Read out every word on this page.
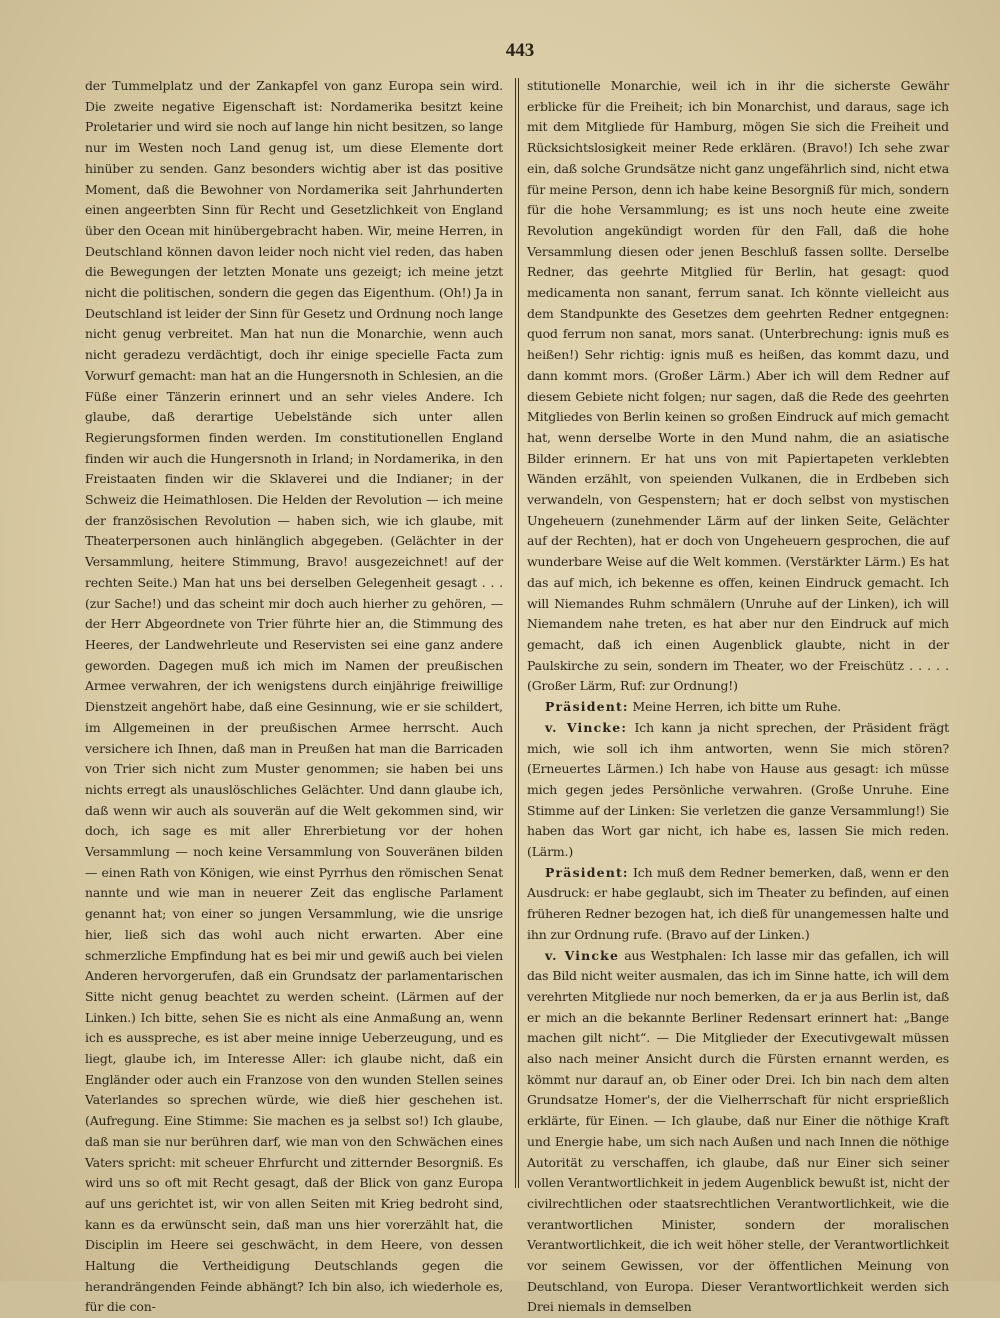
443

der Tummelplatz und der Zankapfel von ganz Europa sein wird. Die zweite negative Eigenschaft ist: Nordamerika besitzt keine Proletarier und wird sie noch auf lange hin nicht besitzen, so lange nur im Westen noch Land genug ist, um diese Elemente dort hinüber zu senden. Ganz besonders wichtig aber ist das positive Moment, daß die Bewohner von Nordamerika seit Jahrhunderten einen angeerbten Sinn für Recht und Gesetzlichkeit von England über den Ocean mit hinübergebracht haben. Wir, meine Herren, in Deutschland können davon leider noch nicht viel reden, das haben die Bewegungen der letzten Monate uns gezeigt; ich meine jetzt nicht die politischen, sondern die gegen das Eigenthum. (Oh!) Ja in Deutschland ist leider der Sinn für Gesetz und Ordnung noch lange nicht genug verbreitet. Man hat nun die Monarchie, wenn auch nicht geradezu verdächtigt, doch ihr einige specielle Facta zum Vorwurf gemacht: man hat an die Hungersnoth in Schlesien, an die Füße einer Tänzerin erinnert und an sehr vieles Andere. Ich glaube, daß derartige Uebelstände sich unter allen Regierungsformen finden werden. Im constitutionellen England finden wir auch die Hungersnoth in Irland; in Nordamerika, in den Freistaaten finden wir die Sklaverei und die Indianer; in der Schweiz die Heimathlosen. Die Helden der Revolution — ich meine der französischen Revolution — haben sich, wie ich glaube, mit Theaterpersonen auch hinlänglich abgegeben. (Gelächter in der Versammlung, heitere Stimmung, Bravo! ausgezeichnet! auf der rechten Seite.) Man hat uns bei derselben Gelegenheit gesagt . . . (zur Sache!) und das scheint mir doch auch hierher zu gehören, — der Herr Abgeordnete von Trier führte hier an, die Stimmung des Heeres, der Landwehrleute und Reservisten sei eine ganz andere geworden. Dagegen muß ich mich im Namen der preußischen Armee verwahren, der ich wenigstens durch einjährige freiwillige Dienstzeit angehört habe, daß eine Gesinnung, wie er sie schildert, im Allgemeinen in der preußischen Armee herrscht. Auch versichere ich Ihnen, daß man in Preußen hat man die Barricaden von Trier sich nicht zum Muster genommen; sie haben bei uns nichts erregt als unauslöschliches Gelächter. Und dann glaube ich, daß wenn wir auch als souverän auf die Welt gekommen sind, wir doch, ich sage es mit aller Ehrerbietung vor der hohen Versammlung — noch keine Versammlung von Souveränen bilden — einen Rath von Königen, wie einst Pyrrhus den römischen Senat nannte und wie man in neuerer Zeit das englische Parlament genannt hat; von einer so jungen Versammlung, wie die unsrige hier, ließ sich das wohl auch nicht erwarten. Aber eine schmerzliche Empfindung hat es bei mir und gewiß auch bei vielen Anderen hervorgerufen, daß ein Grundsatz der parlamentarischen Sitte nicht genug beachtet zu werden scheint. (Lärmen auf der Linken.) Ich bitte, sehen Sie es nicht als eine Anmaßung an, wenn ich es ausspreche, es ist aber meine innige Ueberzeugung, und es liegt, glaube ich, im Interesse Aller: ich glaube nicht, daß ein Engländer oder auch ein Franzose von den wunden Stellen seines Vaterlandes so sprechen würde, wie dieß hier geschehen ist. (Aufregung. Eine Stimme: Sie machen es ja selbst so!) Ich glaube, daß man sie nur berühren darf, wie man von den Schwächen eines Vaters spricht: mit scheuer Ehrfurcht und zitternder Besorgniß. Es wird uns so oft mit Recht gesagt, daß der Blick von ganz Europa auf uns gerichtet ist, wir von allen Seiten mit Krieg bedroht sind, kann es da erwünscht sein, daß man uns hier vorerzählt hat, die Disciplin im Heere sei geschwächt, in dem Heere, von dessen Haltung die Vertheidigung Deutschlands gegen die herandrängenden Feinde abhängt? Ich bin also, ich wiederhole es, für die con-

stitutionelle Monarchie, weil ich in ihr die sicherste Gewähr erblicke für die Freiheit; ich bin Monarchist, und daraus, sage ich mit dem Mitgliede für Hamburg, mögen Sie sich die Freiheit und Rücksichtslosigkeit meiner Rede erklären. (Bravo!) Ich sehe zwar ein, daß solche Grundsätze nicht ganz ungefährlich sind, nicht etwa für meine Person, denn ich habe keine Besorgniß für mich, sondern für die hohe Versammlung; es ist uns noch heute eine zweite Revolution angekündigt worden für den Fall, daß die hohe Versammlung diesen oder jenen Beschluß fassen sollte. Derselbe Redner, das geehrte Mitglied für Berlin, hat gesagt: quod medicamenta non sanant, ferrum sanat. Ich könnte vielleicht aus dem Standpunkte des Gesetzes dem geehrten Redner entgegnen: quod ferrum non sanat, mors sanat. (Unterbrechung: ignis muß es heißen!) Sehr richtig: ignis muß es heißen, das kommt dazu, und dann kommt mors. (Großer Lärm.) Aber ich will dem Redner auf diesem Gebiete nicht folgen; nur sagen, daß die Rede des geehrten Mitgliedes von Berlin keinen so großen Eindruck auf mich gemacht hat, wenn derselbe Worte in den Mund nahm, die an asiatische Bilder erinnern. Er hat uns von mit Papiertapeten verklebten Wänden erzählt, von speienden Vulkanen, die in Erdbeben sich verwandeln, von Gespenstern; hat er doch selbst von mystischen Ungeheuern (zunehmender Lärm auf der linken Seite, Gelächter auf der Rechten), hat er doch von Ungeheuern gesprochen, die auf wunderbare Weise auf die Welt kommen. (Verstärkter Lärm.) Es hat das auf mich, ich bekenne es offen, keinen Eindruck gemacht. Ich will Niemandes Ruhm schmälern (Unruhe auf der Linken), ich will Niemandem nahe treten, es hat aber nur den Eindruck auf mich gemacht, daß ich einen Augenblick glaubte, nicht in der Paulskirche zu sein, sondern im Theater, wo der Freischütz . . . . . (Großer Lärm, Ruf: zur Ordnung!)

Präsident: Meine Herren, ich bitte um Ruhe.

v. Vincke: Ich kann ja nicht sprechen, der Präsident frägt mich, wie soll ich ihm antworten, wenn Sie mich stören? (Erneuertes Lärmen.) Ich habe von Hause aus gesagt: ich müsse mich gegen jedes Persönliche verwahren. (Große Unruhe. Eine Stimme auf der Linken: Sie verletzen die ganze Versammlung!) Sie haben das Wort gar nicht, ich habe es, lassen Sie mich reden. (Lärm.)

Präsident: Ich muß dem Redner bemerken, daß, wenn er den Ausdruck: er habe geglaubt, sich im Theater zu befinden, auf einen früheren Redner bezogen hat, ich dieß für unangemessen halte und ihn zur Ordnung rufe. (Bravo auf der Linken.)

v. Vincke aus Westphalen: Ich lasse mir das gefallen, ich will das Bild nicht weiter ausmalen, das ich im Sinne hatte, ich will dem verehrten Mitgliede nur noch bemerken, da er ja aus Berlin ist, daß er mich an die bekannte Berliner Redensart erinnert hat: „Bange machen gilt nicht“. — Die Mitglieder der Executivgewalt müssen also nach meiner Ansicht durch die Fürsten ernannt werden, es kömmt nur darauf an, ob Einer oder Drei. Ich bin nach dem alten Grundsatze Homer's, der die Vielherrschaft für nicht ersprießlich erklärte, für Einen. — Ich glaube, daß nur Einer die nöthige Kraft und Energie habe, um sich nach Außen und nach Innen die nöthige Autorität zu verschaffen, ich glaube, daß nur Einer sich seiner vollen Verantwortlichkeit in jedem Augenblick bewußt ist, nicht der civilrechtlichen oder staatsrechtlichen Verantwortlichkeit, wie die verantwortlichen Minister, sondern der moralischen Verantwortlichkeit, die ich weit höher stelle, der Verantwortlichkeit vor seinem Gewissen, vor der öffentlichen Meinung von Deutschland, von Europa. Dieser Verantwortlichkeit werden sich Drei niemals in demselben
